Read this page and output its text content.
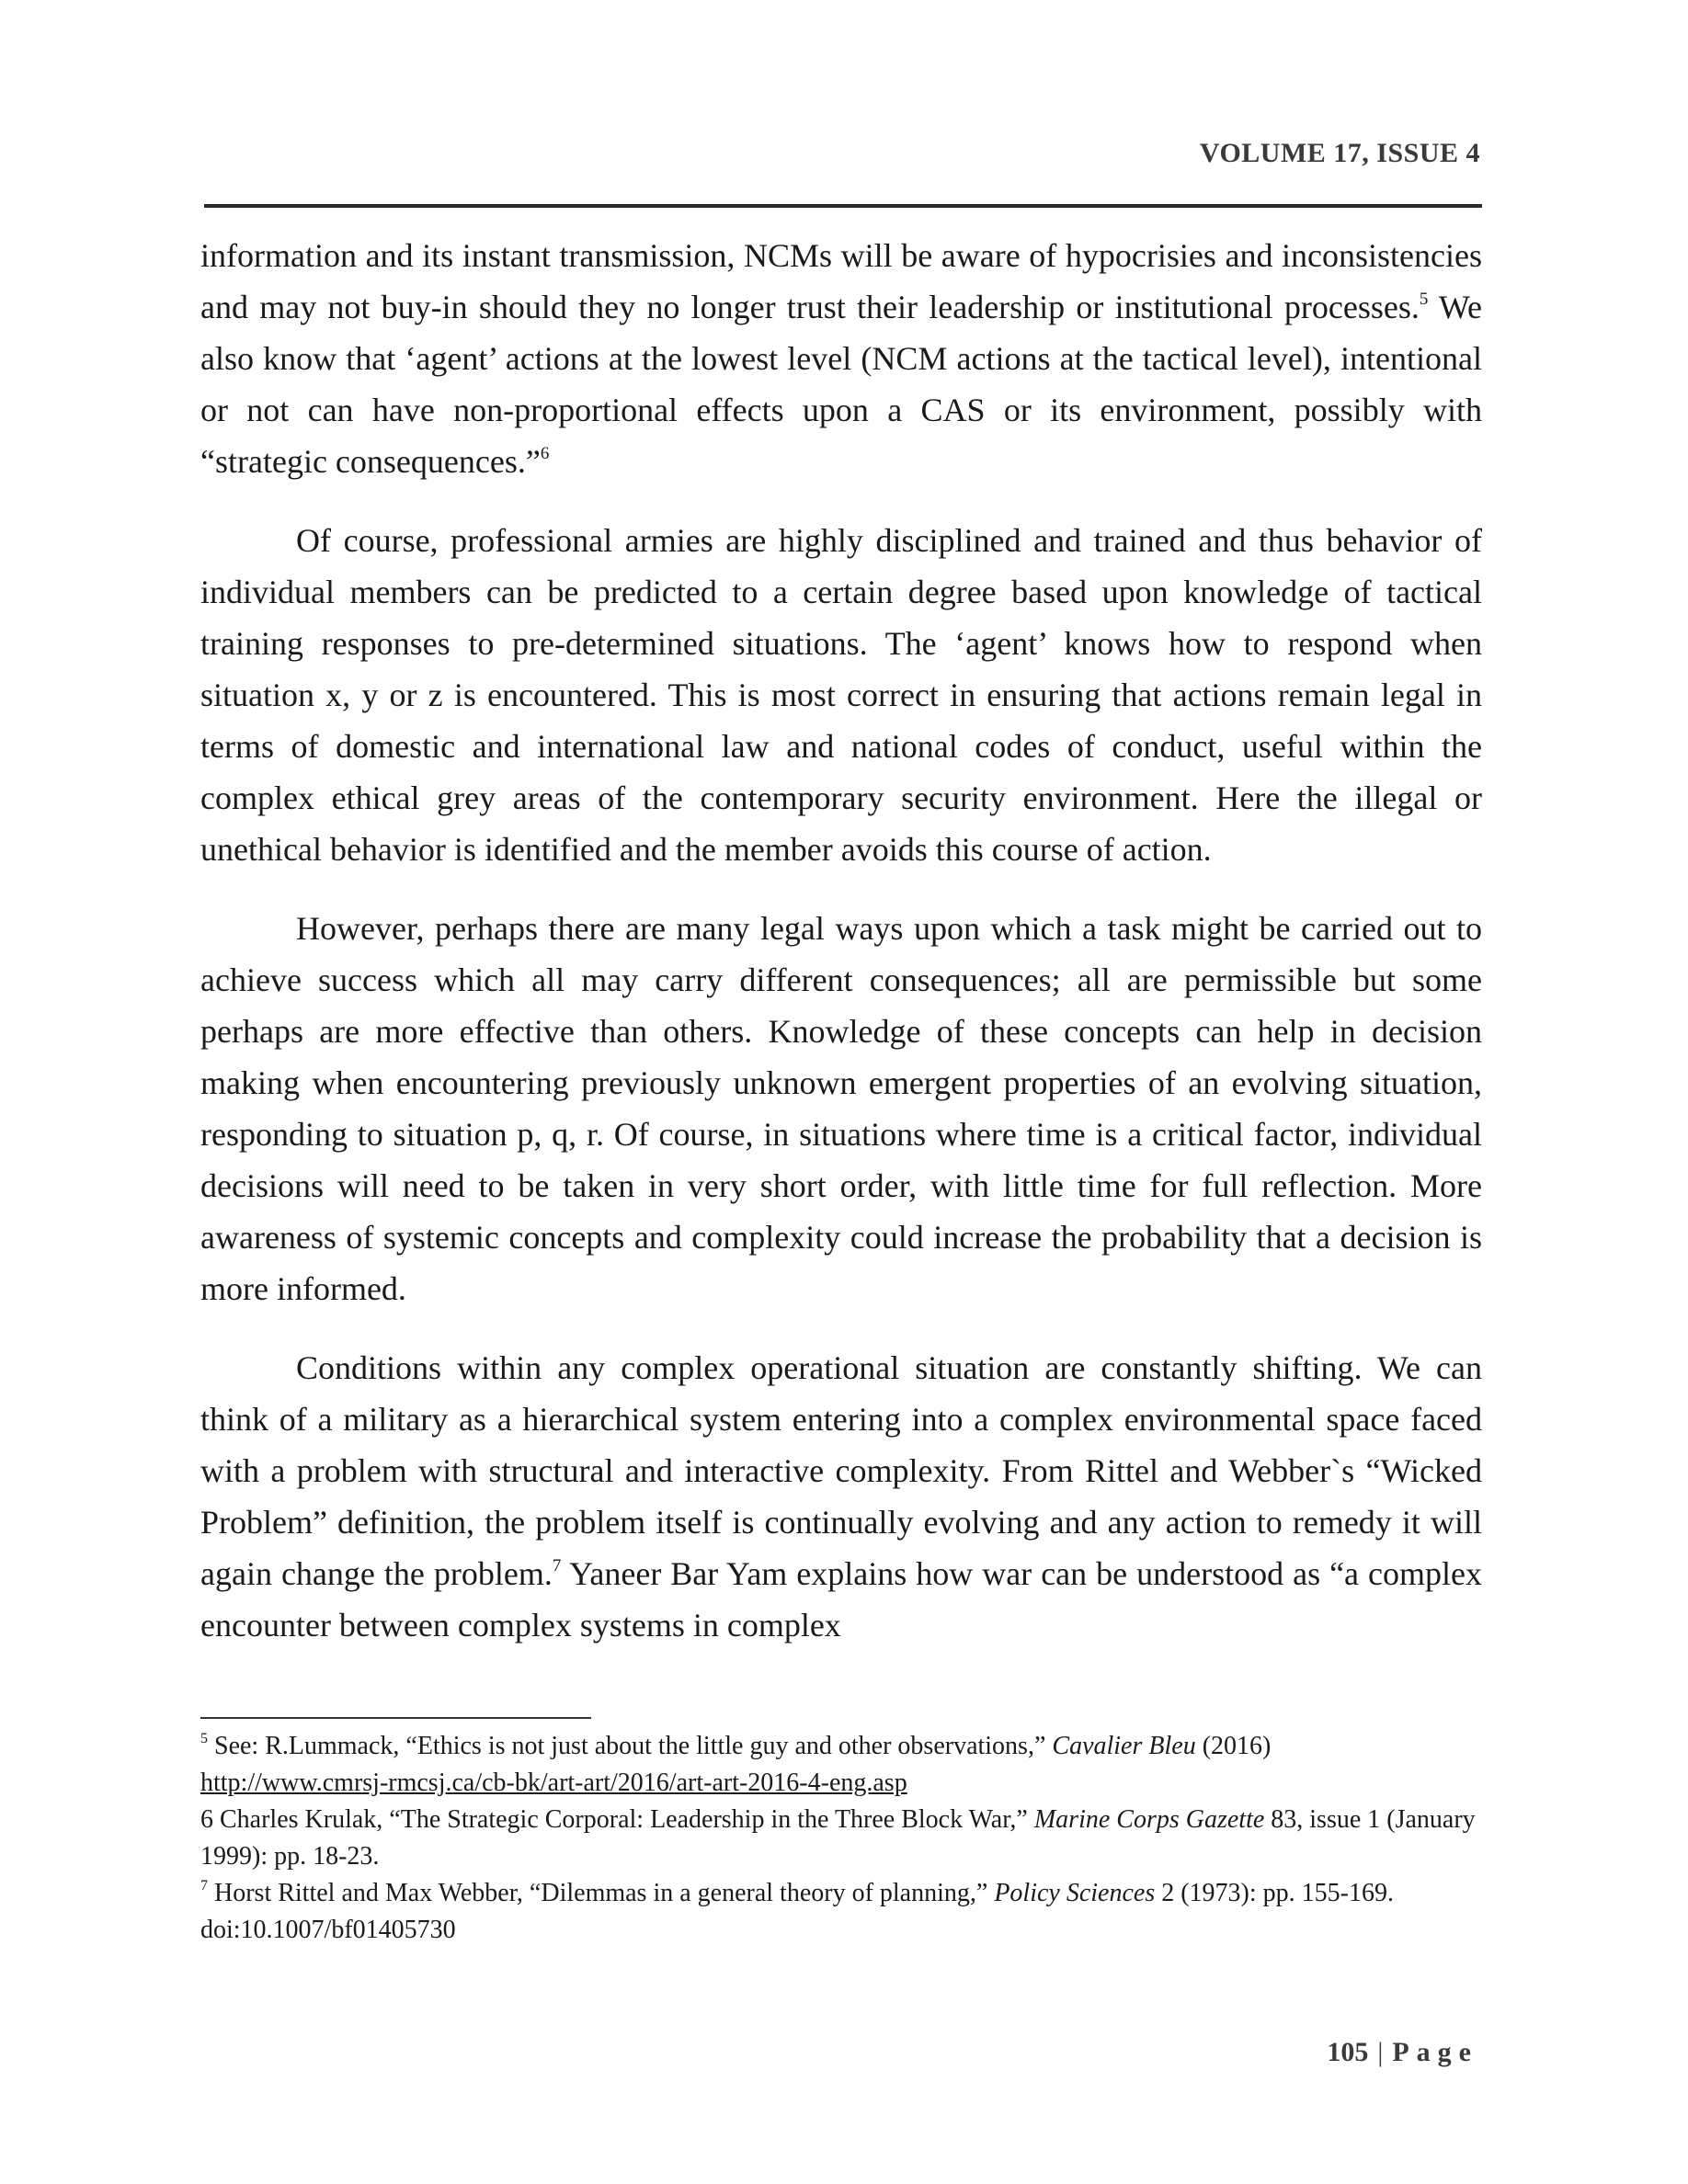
VOLUME 17, ISSUE 4

information and its instant transmission, NCMs will be aware of hypocrisies and inconsistencies and may not buy-in should they no longer trust their leadership or institutional processes.$^5$ We also know that ‘agent’ actions at the lowest level (NCM actions at the tactical level), intentional or not can have non-proportional effects upon a CAS or its environment, possibly with “strategic consequences.”$^6$

Of course, professional armies are highly disciplined and trained and thus behavior of individual members can be predicted to a certain degree based upon knowledge of tactical training responses to pre-determined situations. The ‘agent’ knows how to respond when situation x, y or z is encountered. This is most correct in ensuring that actions remain legal in terms of domestic and international law and national codes of conduct, useful within the complex ethical grey areas of the contemporary security environment. Here the illegal or unethical behavior is identified and the member avoids this course of action.

However, perhaps there are many legal ways upon which a task might be carried out to achieve success which all may carry different consequences; all are permissible but some perhaps are more effective than others. Knowledge of these concepts can help in decision making when encountering previously unknown emergent properties of an evolving situation, responding to situation p, q, r. Of course, in situations where time is a critical factor, individual decisions will need to be taken in very short order, with little time for full reflection. More awareness of systemic concepts and complexity could increase the probability that a decision is more informed.

Conditions within any complex operational situation are constantly shifting. We can think of a military as a hierarchical system entering into a complex environmental space faced with a problem with structural and interactive complexity. From Rittel and Webber`s “Wicked Problem” definition, the problem itself is continually evolving and any action to remedy it will again change the problem.$^7$ Yaneer Bar Yam explains how war can be understood as “a complex encounter between complex systems in complex

$^5$ See: R.Lummack, “Ethics is not just about the little guy and other observations,” Cavalier Bleu (2016)
http://www.cmrsj-rmcsj.ca/cb-bk/art-art/2016/art-art-2016-4-eng.asp

6 Charles Krulak, “The Strategic Corporal: Leadership in the Three Block War,” Marine Corps Gazette 83, issue 1 (January 1999): pp. 18-23.

$^7$ Horst Rittel and Max Webber, “Dilemmas in a general theory of planning,” Policy Sciences 2 (1973): pp. 155-169. doi:10.1007/bf01405730

105 | Page
